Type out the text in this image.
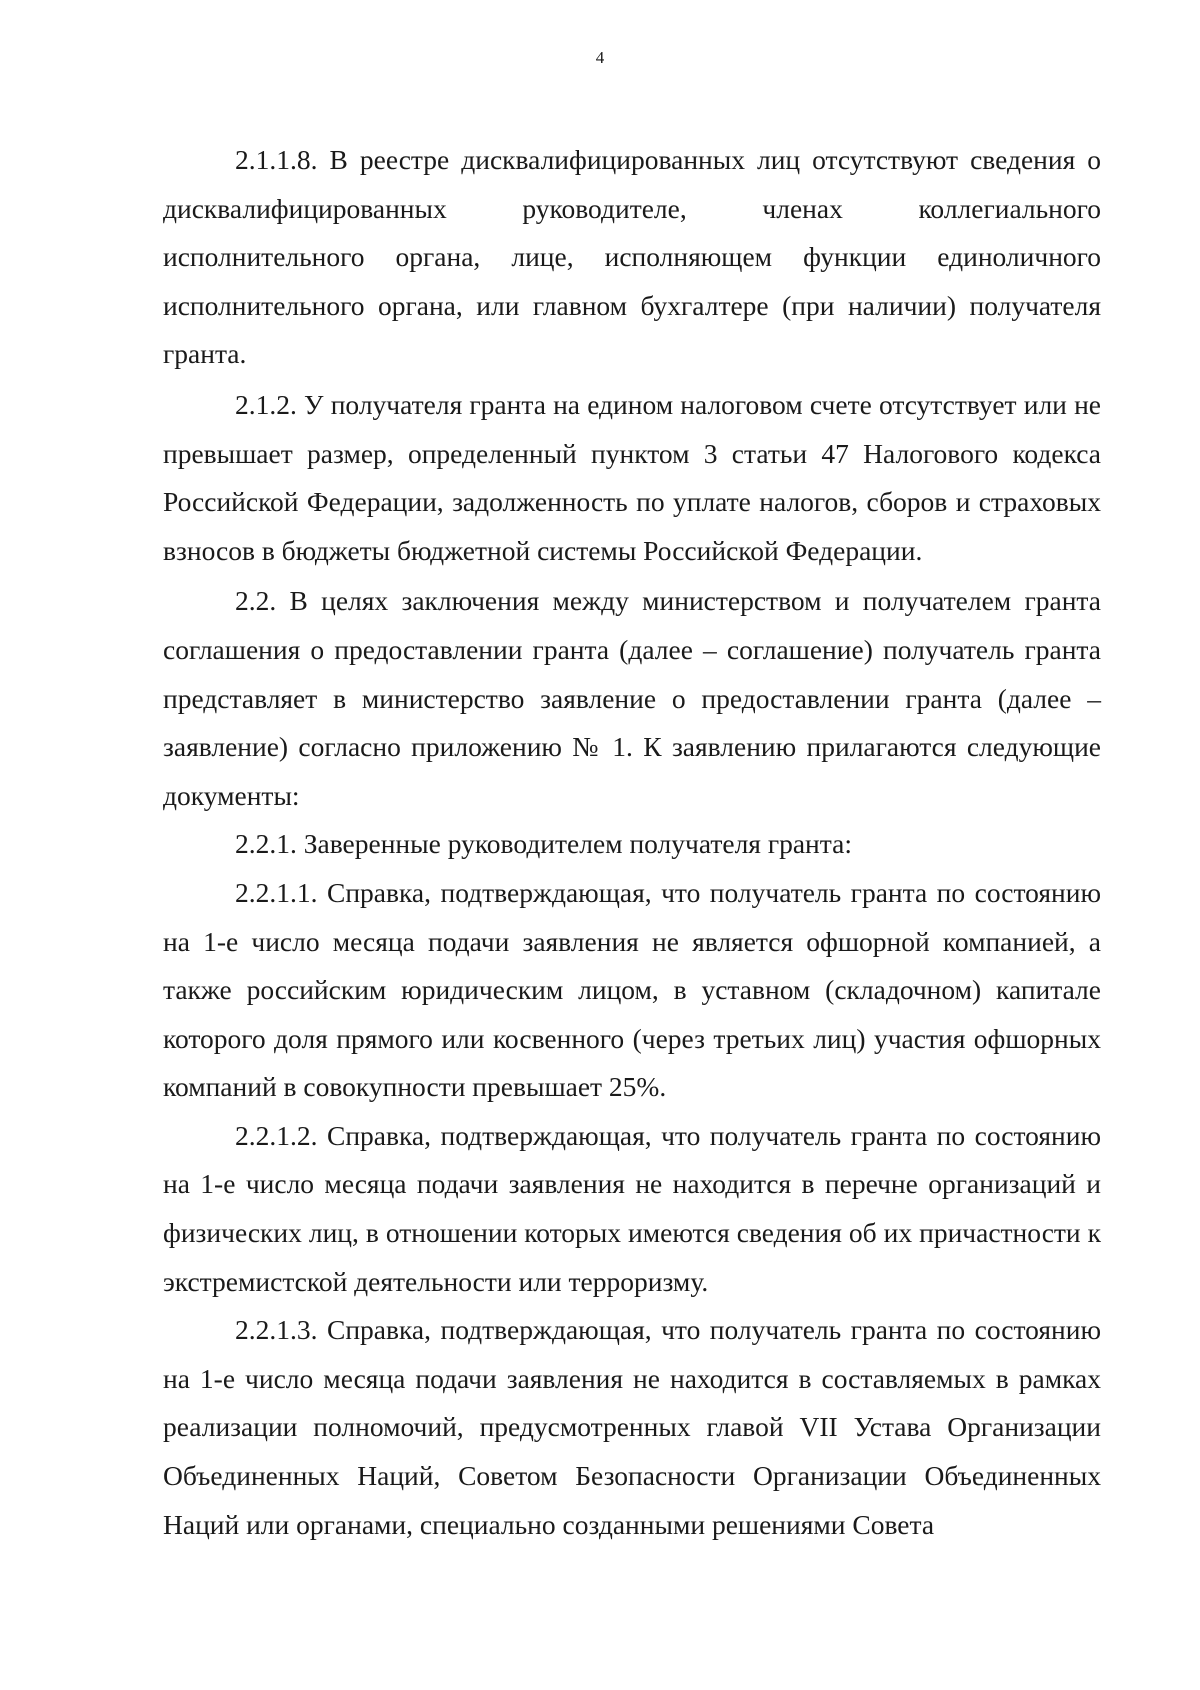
4

2.1.1.8. В реестре дисквалифицированных лиц отсутствуют сведения о дисквалифицированных руководителе, членах коллегиального исполнительного органа, лице, исполняющем функции единоличного исполнительного органа, или главном бухгалтере (при наличии) получателя гранта.

2.1.2. У получателя гранта на едином налоговом счете отсутствует или не превышает размер, определенный пунктом 3 статьи 47 Налогового кодекса Российской Федерации, задолженность по уплате налогов, сборов и страховых взносов в бюджеты бюджетной системы Российской Федерации.

2.2. В целях заключения между министерством и получателем гранта соглашения о предоставлении гранта (далее – соглашение) получатель гранта представляет в министерство заявление о предоставлении гранта (далее – заявление) согласно приложению № 1. К заявлению прилагаются следующие документы:

2.2.1. Заверенные руководителем получателя гранта:

2.2.1.1. Справка, подтверждающая, что получатель гранта по состоянию на 1-е число месяца подачи заявления не является офшорной компанией, а также российским юридическим лицом, в уставном (складочном) капитале которого доля прямого или косвенного (через третьих лиц) участия офшорных компаний в совокупности превышает 25%.

2.2.1.2. Справка, подтверждающая, что получатель гранта по состоянию на 1-е число месяца подачи заявления не находится в перечне организаций и физических лиц, в отношении которых имеются сведения об их причастности к экстремистской деятельности или терроризму.

2.2.1.3. Справка, подтверждающая, что получатель гранта по состоянию на 1-е число месяца подачи заявления не находится в составляемых в рамках реализации полномочий, предусмотренных главой VII Устава Организации Объединенных Наций, Советом Безопасности Организации Объединенных Наций или органами, специально созданными решениями Совета
